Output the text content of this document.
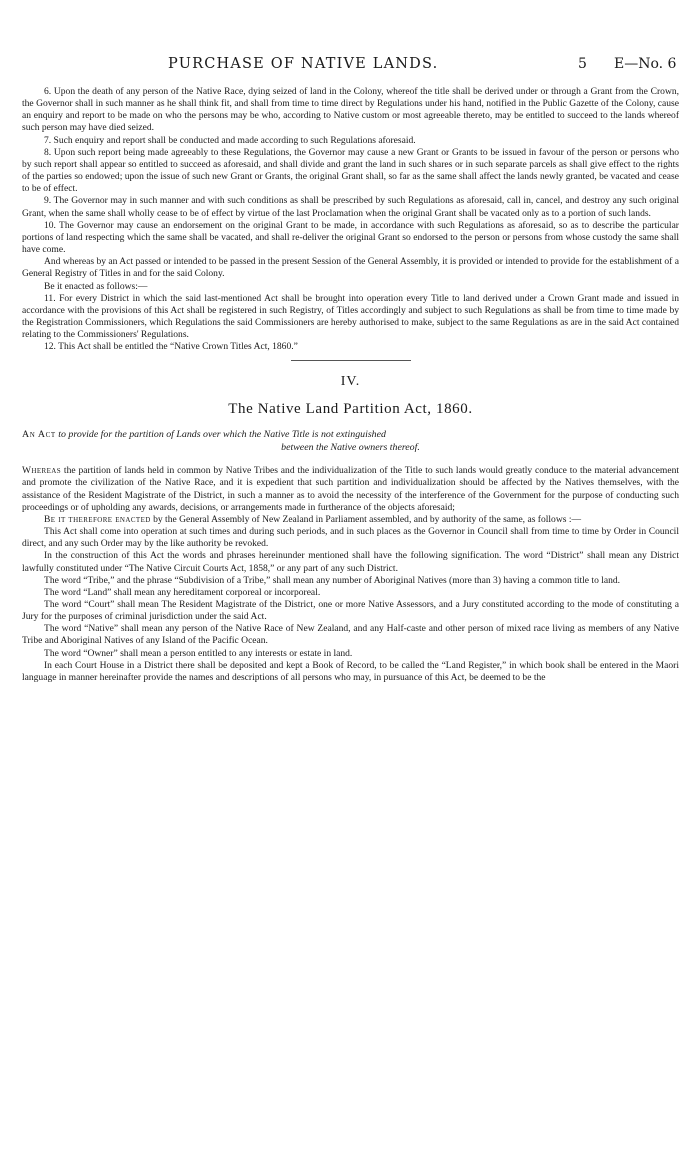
PURCHASE OF NATIVE LANDS.	5 E—No. 6

6. Upon the death of any person of the Native Race, dying seized of land in the Colony, whereof the title shall be derived under or through a Grant from the Crown, the Governor shall in such manner as he shall think fit, and shall from time to time direct by Regulations under his hand, notified in the Public Gazette of the Colony, cause an enquiry and report to be made on who the persons may be who, according to Native custom or most agreeable thereto, may be entitled to succeed to the lands whereof such person may have died seized.

7. Such enquiry and report shall be conducted and made according to such Regulations aforesaid.

8. Upon such report being made agreeably to these Regulations, the Governor may cause a new Grant or Grants to be issued in favour of the person or persons who by such report shall appear so entitled to succeed as aforesaid, and shall divide and grant the land in such shares or in such separate parcels as shall give effect to the rights of the parties so endowed; upon the issue of such new Grant or Grants, the original Grant shall, so far as the same shall affect the lands newly granted, be vacated and cease to be of effect.

9. The Governor may in such manner and with such conditions as shall be prescribed by such Regulations as aforesaid, call in, cancel, and destroy any such original Grant, when the same shall wholly cease to be of effect by virtue of the last Proclamation when the original Grant shall be vacated only as to a portion of such lands.

10. The Governor may cause an endorsement on the original Grant to be made, in accordance with such Regulations as aforesaid, so as to describe the particular portions of land respecting which the same shall be vacated, and shall re-deliver the original Grant so endorsed to the person or persons from whose custody the same shall have come.

And whereas by an Act passed or intended to be passed in the present Session of the General Assembly, it is provided or intended to provide for the establishment of a General Registry of Titles in and for the said Colony.

Be it enacted as follows:—

11. For every District in which the said last-mentioned Act shall be brought into operation every Title to land derived under a Crown Grant made and issued in accordance with the provisions of this Act shall be registered in such Registry, of Titles accordingly and subject to such Regulations as shall be from time to time made by the Registration Commissioners, which Regulations the said Commissioners are hereby authorised to make, subject to the same Regulations as are in the said Act contained relating to the Commissioners' Regulations.

12. This Act shall be entitled the “Native Crown Titles Act, 1860.”

IV.
The Native Land Partition Act, 1860.
An Act to provide for the partition of Lands over which the Native Title is not extinguished
between the Native owners thereof.

Whereas the partition of lands held in common by Native Tribes and the individualization of the Title to such lands would greatly conduce to the material advancement and promote the civilization of the Native Race, and it is expedient that such partition and individualization should be affected by the Natives themselves, with the assistance of the Resident Magistrate of the District, in such a manner as to avoid the necessity of the interference of the Government for the purpose of conducting such proceedings or of upholding any awards, decisions, or arrangements made in furtherance of the objects aforesaid;

Be it therefore enacted by the General Assembly of New Zealand in Parliament assembled, and by authority of the same, as follows :—

This Act shall come into operation at such times and during such periods, and in such places as the Governor in Council shall from time to time by Order in Council direct, and any such Order may by the like authority be revoked.

In the construction of this Act the words and phrases hereinunder mentioned shall have the following signification. The word “District” shall mean any District lawfully constituted under “The Native Circuit Courts Act, 1858,” or any part of any such District.

The word “Tribe,” and the phrase “Subdivision of a Tribe,” shall mean any number of Aboriginal Natives (more than 3) having a common title to land.

The word “Land” shall mean any hereditament corporeal or incorporeal.

The word “Court” shall mean The Resident Magistrate of the District, one or more Native Assessors, and a Jury constituted according to the mode of constituting a Jury for the purposes of criminal jurisdiction under the said Act.

The word “Native” shall mean any person of the Native Race of New Zealand, and any Half-caste and other person of mixed race living as members of any Native Tribe and Aboriginal Natives of any Island of the Pacific Ocean.

The word “Owner” shall mean a person entitled to any interests or estate in land.

In each Court House in a District there shall be deposited and kept a Book of Record, to be called the “Land Register,” in which book shall be entered in the Maori language in manner hereinafter provide the names and descriptions of all persons who may, in pursuance of this Act, be deemed to be the
